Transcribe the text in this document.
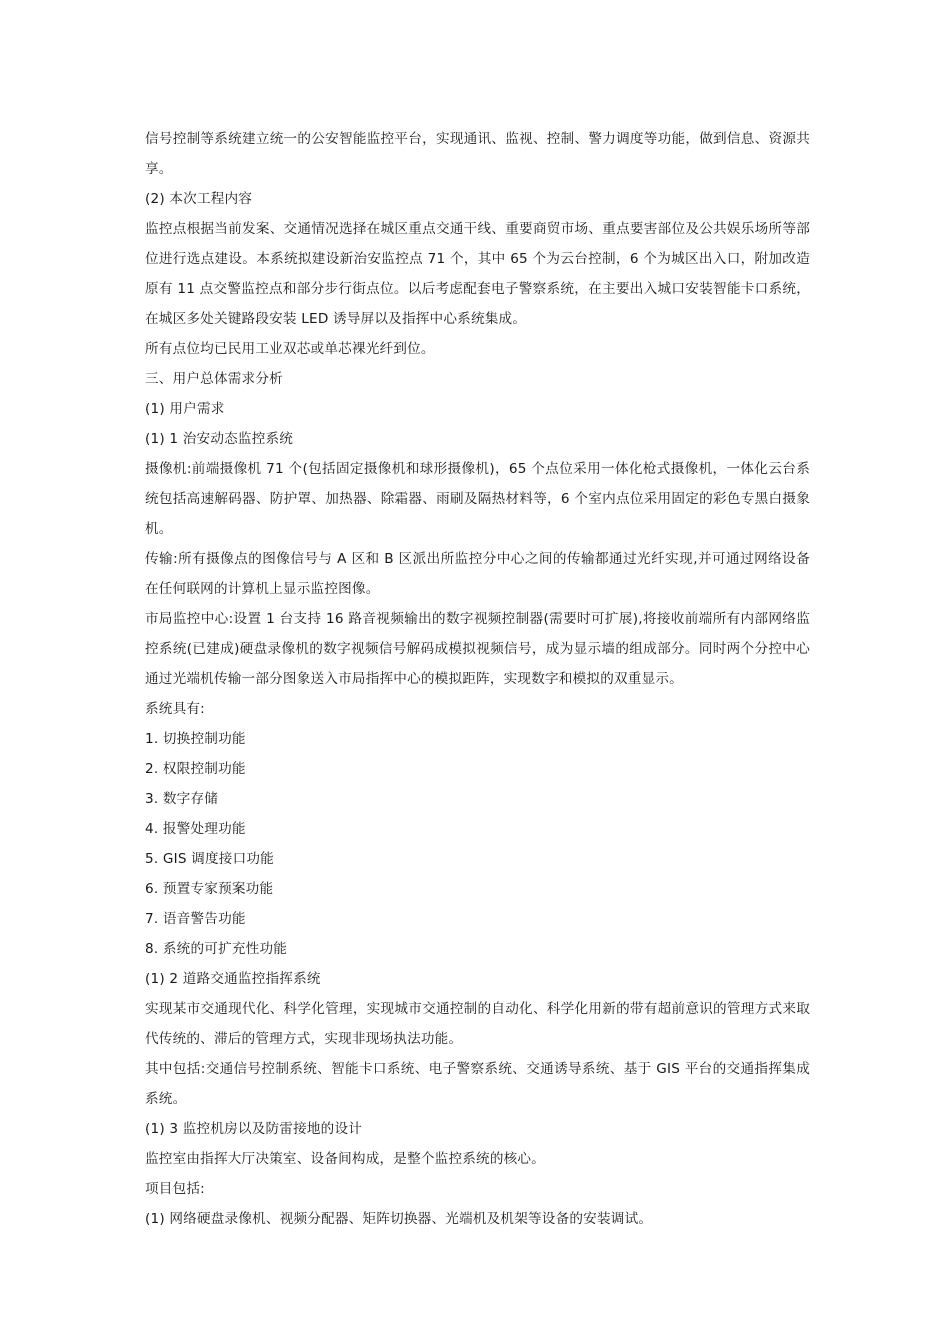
信号控制等系统建立统一的公安智能监控平台，实现通讯、监视、控制、警力调度等功能，做到信息、资源共享。

(2) 本次工程内容

监控点根据当前发案、交通情况选择在城区重点交通干线、重要商贸市场、重点要害部位及公共娱乐场所等部位进行选点建设。本系统拟建设新治安监控点 71 个，其中 65 个为云台控制，6 个为城区出入口，附加改造原有 11 点交警监控点和部分步行街点位。以后考虑配套电子警察系统，在主要出入城口安装智能卡口系统，在城区多处关键路段安装 LED 诱导屏以及指挥中心系统集成。

所有点位均已民用工业双芯或单芯裸光纤到位。

三、用户总体需求分析

(1) 用户需求

(1) 1 治安动态监控系统

摄像机:前端摄像机 71 个(包括固定摄像机和球形摄像机)，65 个点位采用一体化枪式摄像机，一体化云台系统包括高速解码器、防护罩、加热器、除霜器、雨刷及隔热材料等，6 个室内点位采用固定的彩色专黑白摄象机。

传输:所有摄像点的图像信号与 A 区和 B 区派出所监控分中心之间的传输都通过光纤实现,并可通过网络设备在任何联网的计算机上显示监控图像。

市局监控中心:设置 1 台支持 16 路音视频输出的数字视频控制器(需要时可扩展),将接收前端所有内部网络监控系统(已建成)硬盘录像机的数字视频信号解码成模拟视频信号，成为显示墙的组成部分。同时两个分控中心通过光端机传输一部分图象送入市局指挥中心的模拟距阵，实现数字和模拟的双重显示。

系统具有:

1. 切换控制功能

2. 权限控制功能

3. 数字存储

4. 报警处理功能

5. GIS 调度接口功能

6. 预置专家预案功能

7. 语音警告功能

8. 系统的可扩充性功能

(1) 2 道路交通监控指挥系统

实现某市交通现代化、科学化管理，实现城市交通控制的自动化、科学化用新的带有超前意识的管理方式来取代传统的、滞后的管理方式，实现非现场执法功能。

其中包括:交通信号控制系统、智能卡口系统、电子警察系统、交通诱导系统、基于 GIS 平台的交通指挥集成系统。

(1) 3 监控机房以及防雷接地的设计

监控室由指挥大厅决策室、设备间构成，是整个监控系统的核心。

项目包括:

(1) 网络硬盘录像机、视频分配器、矩阵切换器、光端机及机架等设备的安装调试。
